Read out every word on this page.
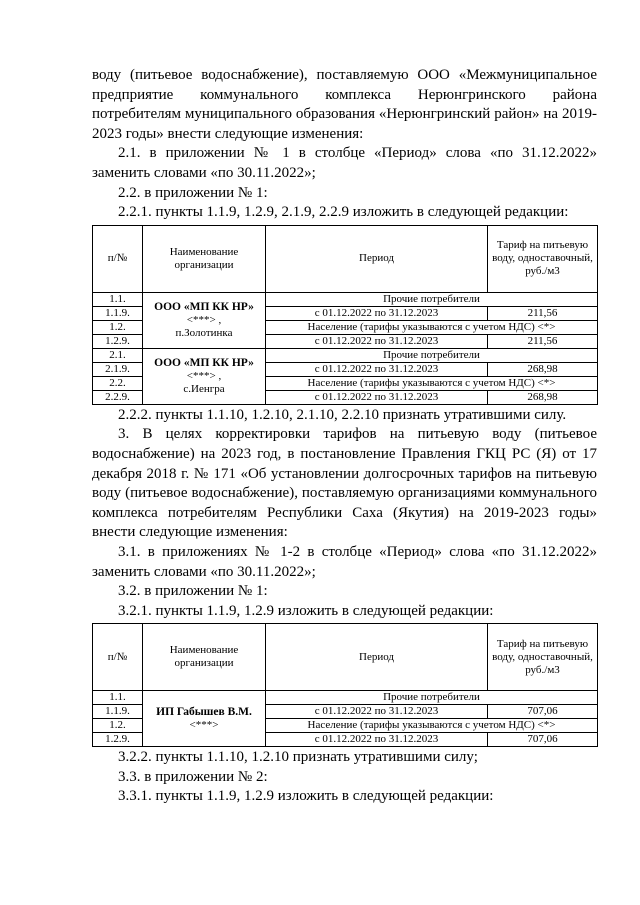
воду (питьевое водоснабжение), поставляемую ООО «Межмуниципальное предприятие коммунального комплекса Нерюнгринского района потребителям муниципального образования «Нерюнгринский район» на 2019-2023 годы» внести следующие изменения:

2.1. в приложении № 1 в столбце «Период» слова «по 31.12.2022» заменить словами «по 30.11.2022»;

2.2. в приложении № 1:

2.2.1. пункты 1.1.9, 1.2.9, 2.1.9, 2.2.9 изложить в следующей редакции:

п/№	Наименование организации	Период	Тариф на питьевую воду, одноставочный, руб./м3
1.1.	ООО «МП КК НР»
<***> ,
п.Золотинка	Прочие потребители	
1.1.9.		с 01.12.2022 по 31.12.2023	211,56
1.2.		Население (тарифы указываются с учетом НДС) <*>	
1.2.9.		с 01.12.2022 по 31.12.2023	211,56
2.1.	ООО «МП КК НР»
<***> ,
с.Иенгра	Прочие потребители	
2.1.9.		с 01.12.2022 по 31.12.2023	268,98
2.2.		Население (тарифы указываются с учетом НДС) <*>	
2.2.9.		с 01.12.2022 по 31.12.2023	268,98

2.2.2. пункты 1.1.10, 1.2.10, 2.1.10, 2.2.10 признать утратившими силу.

3. В целях корректировки тарифов на питьевую воду (питьевое водоснабжение) на 2023 год, в постановление Правления ГКЦ РС (Я) от 17 декабря 2018 г. № 171 «Об установлении долгосрочных тарифов на питьевую воду (питьевое водоснабжение), поставляемую организациями коммунального комплекса потребителям Республики Саха (Якутия) на 2019-2023 годы» внести следующие изменения:

3.1. в приложениях № 1-2 в столбце «Период» слова «по 31.12.2022» заменить словами «по 30.11.2022»;

3.2. в приложении № 1:

3.2.1. пункты 1.1.9, 1.2.9 изложить в следующей редакции:

п/№	Наименование организации	Период	Тариф на питьевую воду, одноставочный, руб./м3
1.1.	ИП Габышев В.М.
<***>	Прочие потребители	
1.1.9.		с 01.12.2022 по 31.12.2023	707,06
1.2.		Население (тарифы указываются с учетом НДС) <*>	
1.2.9.		с 01.12.2022 по 31.12.2023	707,06

3.2.2. пункты 1.1.10, 1.2.10 признать утратившими силу;

3.3. в приложении № 2:

3.3.1. пункты 1.1.9, 1.2.9 изложить в следующей редакции:
